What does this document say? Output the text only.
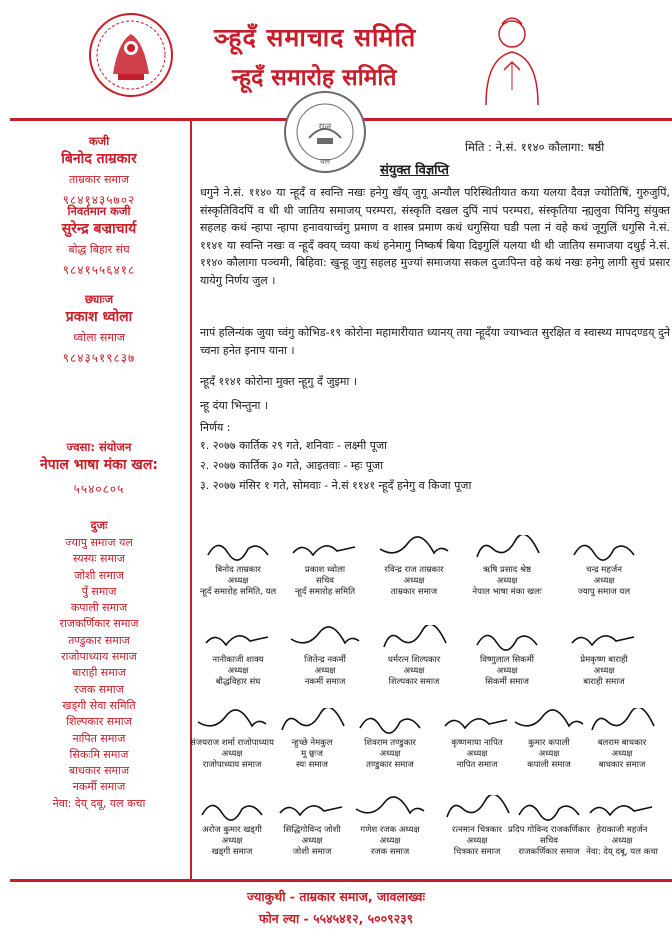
ञ्हूदँ समाचाद समिति
न्हूदँ समारोह समिति
यल
यल
कजी
बिनोद ताम्रकार
ताम्रकार समाज
९८४१४३५७०२
निवर्तमान कजी
सुरेन्द्र बज्राचार्य
बोद्ध बिहार संघ
९८४१५५६४१८
छ्याःज
प्रकाश ध्वोला
ध्वोला समाज
९८४३५१९८३७
ज्वसा: संयोजन
नेपाल भाषा मंका खल:
५५४०८०५
दुजः
ज्यापु समाज यल
स्यस्यः समाज
जोशी समाज
पुँ समाज
कपाली समाज
राजकर्णिकार समाज
तण्डुकार समाज
राजोपाध्याय समाज
बाराही समाज
रजक समाज
खड्गी सेवा समिति
शिल्पकार समाज
नापित समाज
सिकःमि समाज
बाधकार समाज
नकर्मी समाज
नेवा: देय् दबू, यल कचा
मिति : ने.सं. ११४० कौलागा: षष्ठी
संयुक्त विज्ञप्ति
धगुने ने.सं. ११४० या न्हूदँ व स्वन्ति नखः हनेगु खँय् जुगू अन्यौल परिस्थितीयात कया यलया दैवज्ञ ज्योतिषिं, गुरुजुपिं, संस्कृतिविदपिं व थी थी जातिय समाजय् परम्परा, संस्कृति दखल दुपिं नापं परम्परा, संस्कृतिया न्ह्यलुवा पिनिगु संयुक्त सहलह कथं न्हापा न्हापा हनावयाच्वंगु प्रमाण व शास्त्र प्रमाण कथं धगुसिया घडी पला नं वहे कथं जूगुलिं धगुसि ने.सं. ११४१ या स्वन्ति नखः व न्हूदँ क्वय् च्वया कथं हनेमागु निष्कर्ष बिया दिइगुलिं यलया थी थी जातिय समाजया दथुई ने.सं. ११४० कौलागा पञ्चमी, बिहिवा: खुन्हू जुगु सहलह मुज्यां समाजया सकल दुजःपिन्त वहे कथं नखः हनेगु लागी सुचं प्रसार यायेगु निर्णय जुल ।
नापं हलिन्यंक जुया च्वंगु कोभिड-१९ कोरोना महामारीयात ध्यानय् तया न्हूदँया ज्याभ्वःत सुरक्षित व स्वास्थ्य मापदण्डय् दुने च्वना हनेत इनाप याना ।
न्हूदँ ११४१ कोरोना मुक्त न्हूगु दँ जुइमा ।
न्हू दंया भिन्तुना ।
निर्णय :
१. २०७७ कार्तिक २९ गते, शनिवाः - लक्ष्मी पूजा
२. २०७७ कार्तिक ३० गते, आइतवाः - म्हः पूजा
३. २०७७ मंसिर १ गते, सोमवाः - ने.सं ११४१ न्हूदँ हनेगु व किजा पूजा
बिनोद ताम्रकार
अध्यक्ष
न्हूदँ समारोह समिति, यल
प्रकाश ध्वोला
सचिव
न्हूदँ समारोह समिति
रविन्द्र राज ताम्रकार
अध्यक्ष
ताम्रकार समाज
ऋषि प्रसाद श्रेष्ठ
अध्यक्ष
नेपाल भाषा मंका खलः
चन्द्र महर्जन
अध्यक्ष
ज्यापु समाज यल
नानीकाजी शाक्य
अध्यक्ष
बौद्धविहार संघ
जितेन्द्र नकर्मी
अध्यक्ष
नकर्मी समाज
धर्मरत्न शिल्पकार
अध्यक्ष
शिल्पकार समाज
विष्णुलाल सिकर्मी
अध्यक्ष
सिकर्मी समाज
प्रेमकृष्ण बाराही
अध्यक्ष
बाराही समाज
संजयराज शर्मा राजोपाध्याय
अध्यक्ष
राजोपाध्याय समाज
न्हुच्छे नेमकुल
मू छ्वःज
स्यः समाज
शिवराम तण्डुकार
अध्यक्ष
तण्डुकार समाज
कृष्णमाया नापित
अध्यक्ष
नापित समाज
कुमार कपाली
अध्यक्ष
कपाली समाज
बलराम बाधकार
अध्यक्ष
बाधकार समाज
अरोज कुमार खड्गी
अध्यक्ष
खड्गी समाज
सिद्धिगोविन्द जोशी
अध्यक्ष
जोशी समाज
गणेश रजक अध्यक्ष
अध्यक्ष
रजक समाज
रत्नमान चित्रकार
अध्यक्ष
चित्रकार समाज
प्रदिप गोविन्द राजकर्णिकार
सचिव
राजकर्णिकार समाज
हेराकाजी महर्जन
अध्यक्ष
नेवा: देय् दबू, यल कचा
ज्याकुथी - ताम्रकार समाज, जावलाख्वः
फोन ल्या - ५५४५४१२, ५००९२३९
